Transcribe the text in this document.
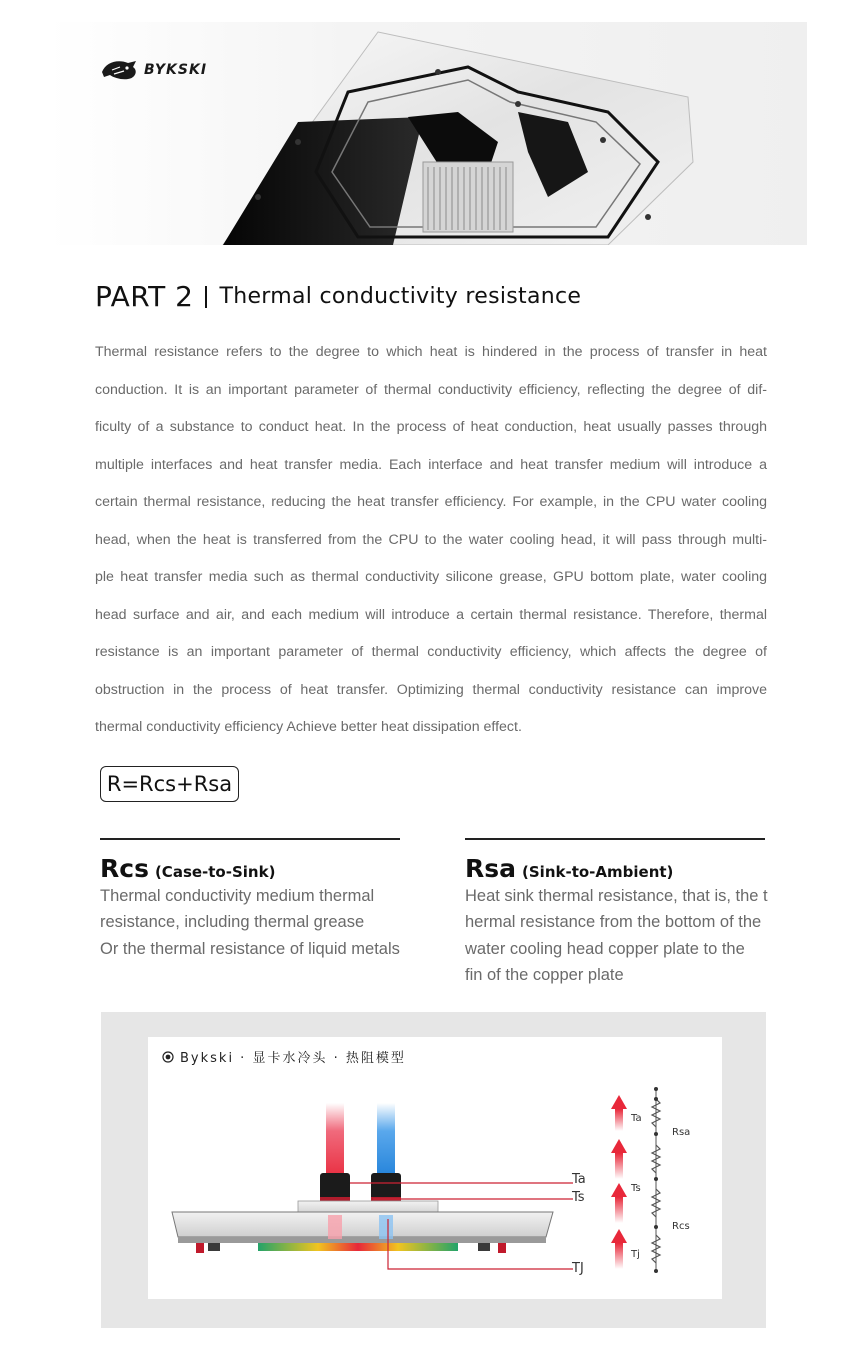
BYKSKI
PART 2 Thermal conductivity resistance
Thermal resistance refers to the degree to which heat is hindered in the process of transfer in heat
conduction. It is an important parameter of thermal conductivity efficiency, reflecting the degree of dif-
ficulty of a substance to conduct heat. In the process of heat conduction, heat usually passes through
multiple interfaces and heat transfer media. Each interface and heat transfer medium will introduce a
certain thermal resistance, reducing the heat transfer efficiency. For example, in the CPU water cooling
head, when the heat is transferred from the CPU to the water cooling head, it will pass through multi-
ple heat transfer media such as thermal conductivity silicone grease, GPU bottom plate, water cooling
head surface and air, and each medium will introduce a certain thermal resistance. Therefore, thermal
resistance is an important parameter of thermal conductivity efficiency, which affects the degree of
obstruction in the process of heat transfer. Optimizing thermal conductivity resistance can improve
thermal conductivity efficiency Achieve better heat dissipation effect.
R=Rcs+Rsa
Rcs (Case-to-Sink)
Thermal conductivity medium thermal
resistance, including thermal grease
Or the thermal resistance of liquid metals
Rsa (Sink-to-Ambient)
Heat sink thermal resistance, that is, the t
hermal resistance from the bottom of the
water cooling head copper plate to the
fin of the copper plate
Bykski · 显卡水冷头 · 热阻模型
Ta
Ts
TJ
Ta
Rsa
Ts
Rcs
Tj
